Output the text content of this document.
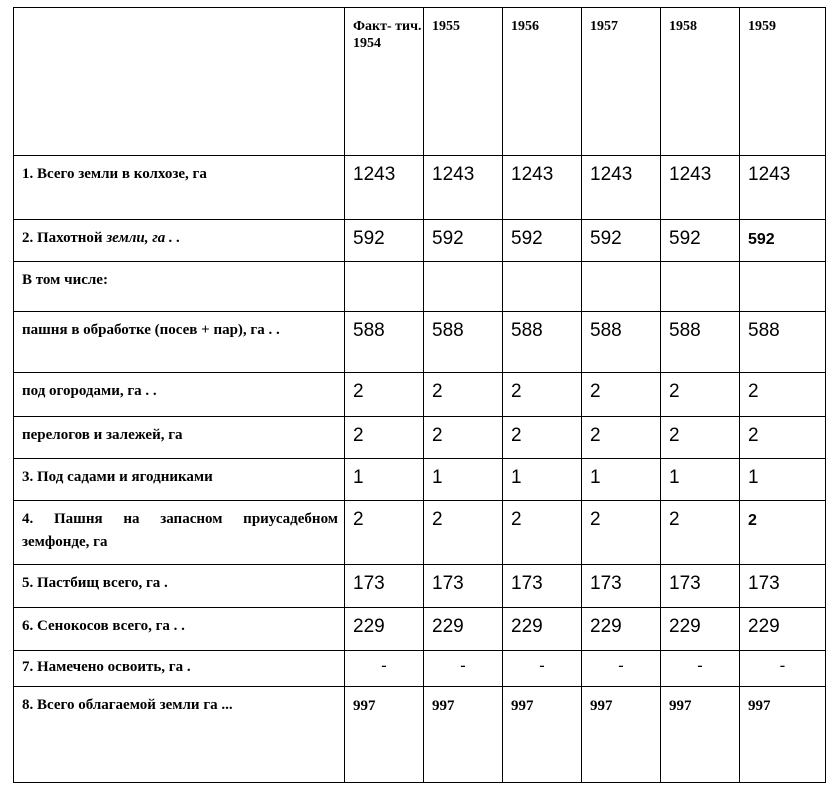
	Факт- тич. 1954	1955	1956	1957	1958	1959
1. Всего земли в колхозе, га	1243	1243	1243	1243	1243	1243
2. Пахотной земли, га . .	592	592	592	592	592	592
В том числе:						
пашня в обработке (посев + пар), га . .	588	588	588	588	588	588
под огородами, га . .	2	2	2	2	2	2
перелогов и залежей, га	2	2	2	2	2	2
3. Под садами и ягодниками	1	1	1	1	1	1
4. Пашня на запасном приусадебном земфонде, га	2	2	2	2	2	2
5. Пастбищ всего, га .	173	173	173	173	173	173
6. Сенокосов всего, га . .	229	229	229	229	229	229
7. Намечено освоить, га .	-	-	-	-	-	-
8. Всего облагаемой земли га ...	997	997	997	997	997	997
